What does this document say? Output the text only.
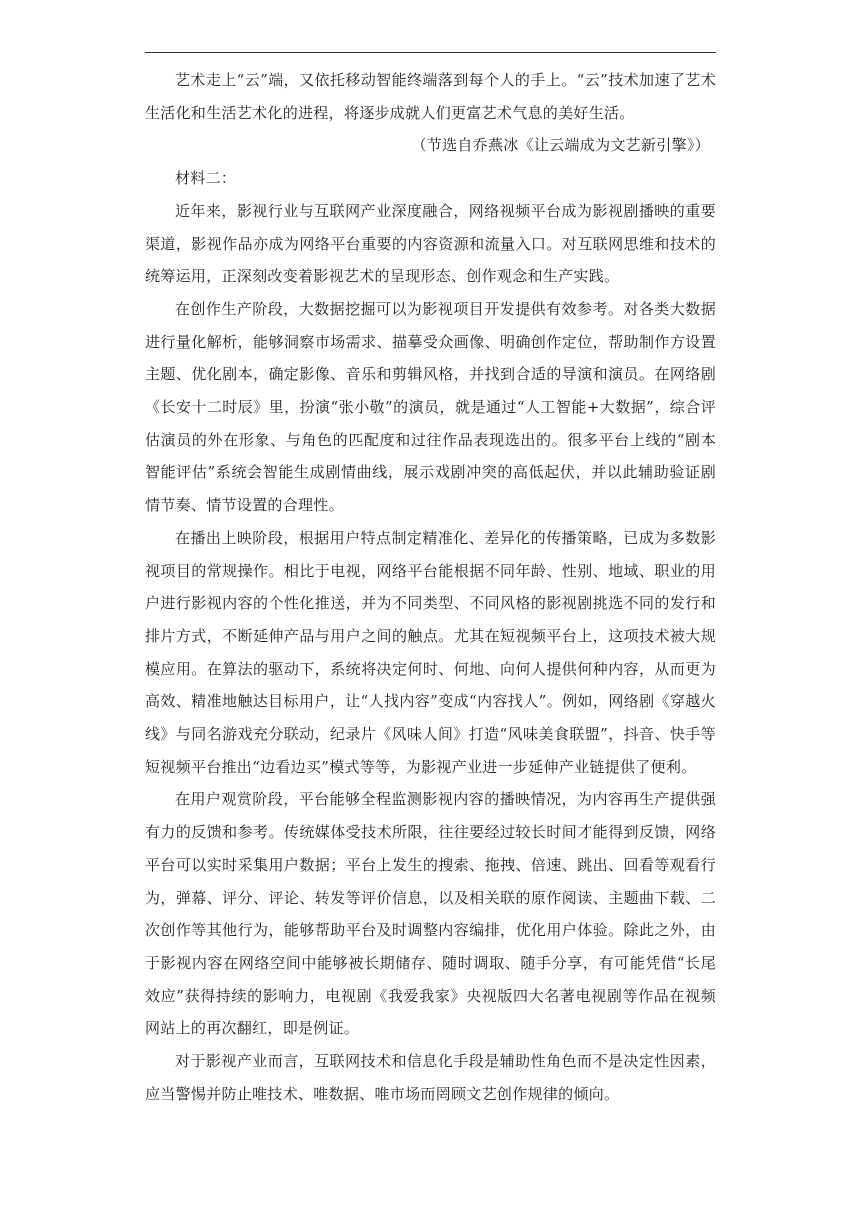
艺术走上“云”端，又依托移动智能终端落到每个人的手上。“云”技术加速了艺术生活化和生活艺术化的进程，将逐步成就人们更富艺术气息的美好生活。

（节选自乔燕冰《让云端成为文艺新引擎》）

材料二：

近年来，影视行业与互联网产业深度融合，网络视频平台成为影视剧播映的重要渠道，影视作品亦成为网络平台重要的内容资源和流量入口。对互联网思维和技术的统筹运用，正深刻改变着影视艺术的呈现形态、创作观念和生产实践。

在创作生产阶段，大数据挖掘可以为影视项目开发提供有效参考。对各类大数据进行量化解析，能够洞察市场需求、描摹受众画像、明确创作定位，帮助制作方设置主题、优化剧本，确定影像、音乐和剪辑风格，并找到合适的导演和演员。在网络剧《长安十二时辰》里，扮演“张小敬”的演员，就是通过“人工智能+大数据”，综合评估演员的外在形象、与角色的匹配度和过往作品表现选出的。很多平台上线的“剧本智能评估”系统会智能生成剧情曲线，展示戏剧冲突的高低起伏，并以此辅助验证剧情节奏、情节设置的合理性。

在播出上映阶段，根据用户特点制定精准化、差异化的传播策略，已成为多数影视项目的常规操作。相比于电视，网络平台能根据不同年龄、性别、地域、职业的用户进行影视内容的个性化推送，并为不同类型、不同风格的影视剧挑选不同的发行和排片方式，不断延伸产品与用户之间的触点。尤其在短视频平台上，这项技术被大规模应用。在算法的驱动下，系统将决定何时、何地、向何人提供何种内容，从而更为高效、精准地触达目标用户，让“人找内容”变成“内容找人”。例如，网络剧《穿越火线》与同名游戏充分联动，纪录片《风味人间》打造“风味美食联盟”，抖音、快手等短视频平台推出“边看边买”模式等等，为影视产业进一步延伸产业链提供了便利。

在用户观赏阶段，平台能够全程监测影视内容的播映情况，为内容再生产提供强有力的反馈和参考。传统媒体受技术所限，往往要经过较长时间才能得到反馈，网络平台可以实时采集用户数据；平台上发生的搜索、拖拽、倍速、跳出、回看等观看行为，弹幕、评分、评论、转发等评价信息，以及相关联的原作阅读、主题曲下载、二次创作等其他行为，能够帮助平台及时调整内容编排，优化用户体验。除此之外，由于影视内容在网络空间中能够被长期储存、随时调取、随手分享，有可能凭借“长尾效应”获得持续的影响力，电视剧《我爱我家》央视版四大名著电视剧等作品在视频网站上的再次翻红，即是例证。

对于影视产业而言，互联网技术和信息化手段是辅助性角色而不是决定性因素，应当警惕并防止唯技术、唯数据、唯市场而罔顾文艺创作规律的倾向。
